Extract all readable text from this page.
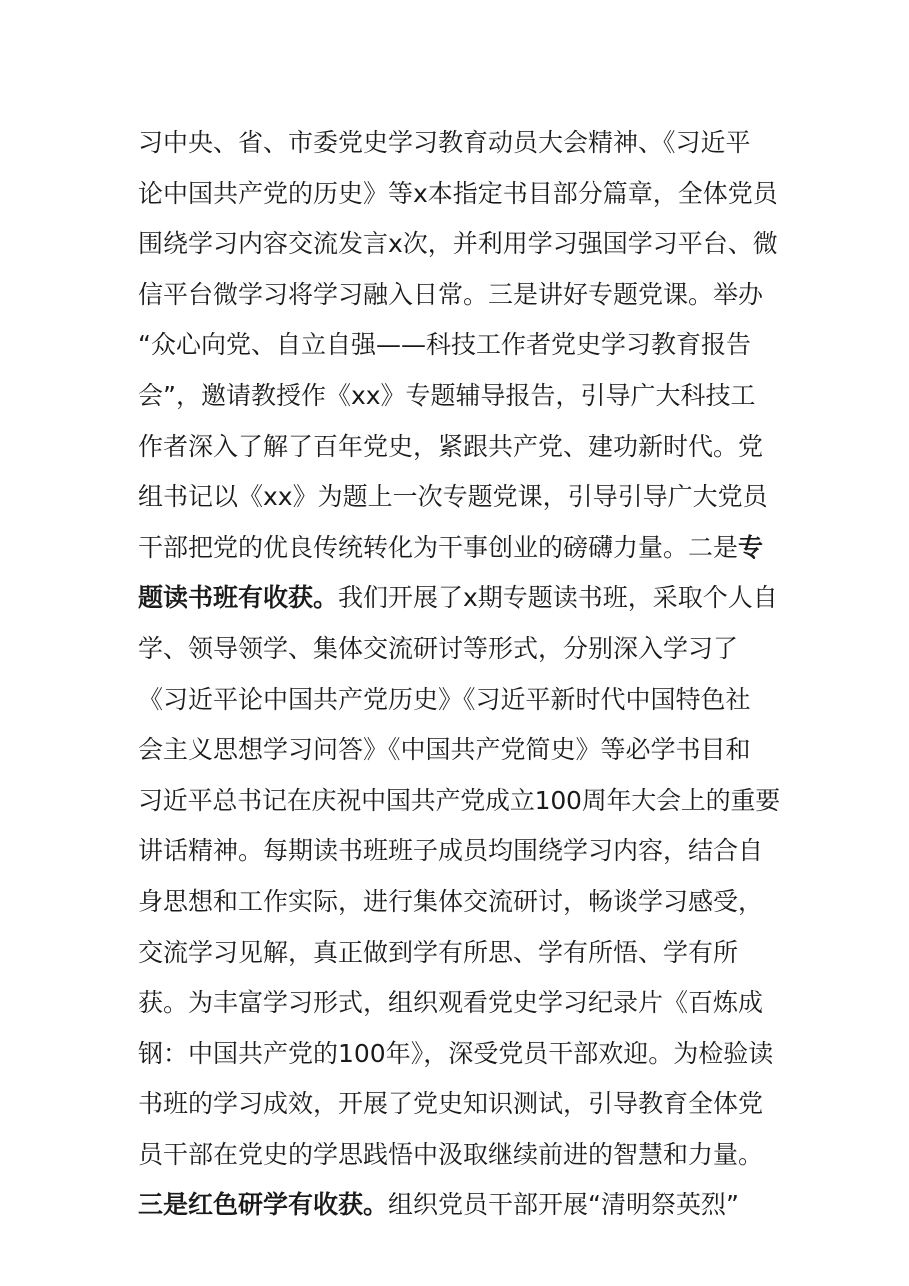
习中央、省、市委党史学习教育动员大会精神、《习近平
论中国共产党的历史》等x本指定书目部分篇章，全体党员
围绕学习内容交流发言x次，并利用学习强国学习平台、微
信平台微学习将学习融入日常。三是讲好专题党课。举办
“众心向党、自立自强——科技工作者党史学习教育报告
会”，邀请教授作《xx》专题辅导报告，引导广大科技工
作者深入了解了百年党史，紧跟共产党、建功新时代。党
组书记以《xx》为题上一次专题党课，引导引导广大党员
干部把党的优良传统转化为干事创业的磅礴力量。二是 专
题读书班有收获。 我们开展了x期专题读书班，采取个人自
学、领导领学、集体交流研讨等形式，分别深入学习了
《习近平论中国共产党历史》《习近平新时代中国特色社
会主义思想学习问答》《中国共产党简史》等必学书目和
习近平总书记在庆祝中国共产党成立100周年大会上的重要
讲话精神。每期读书班班子成员均围绕学习内容，结合自
身思想和工作实际，进行集体交流研讨，畅谈学习感受，
交流学习见解，真正做到学有所思、学有所悟、学有所
获。为丰富学习形式，组织观看党史学习纪录片《百炼成
钢：中国共产党的100年》，深受党员干部欢迎。为检验读
书班的学习成效，开展了党史知识测试，引导教育全体党
员干部在党史的学思践悟中汲取继续前进的智慧和力量。
三是红色研学有收获。 组织党员干部开展“清明祭英烈”
